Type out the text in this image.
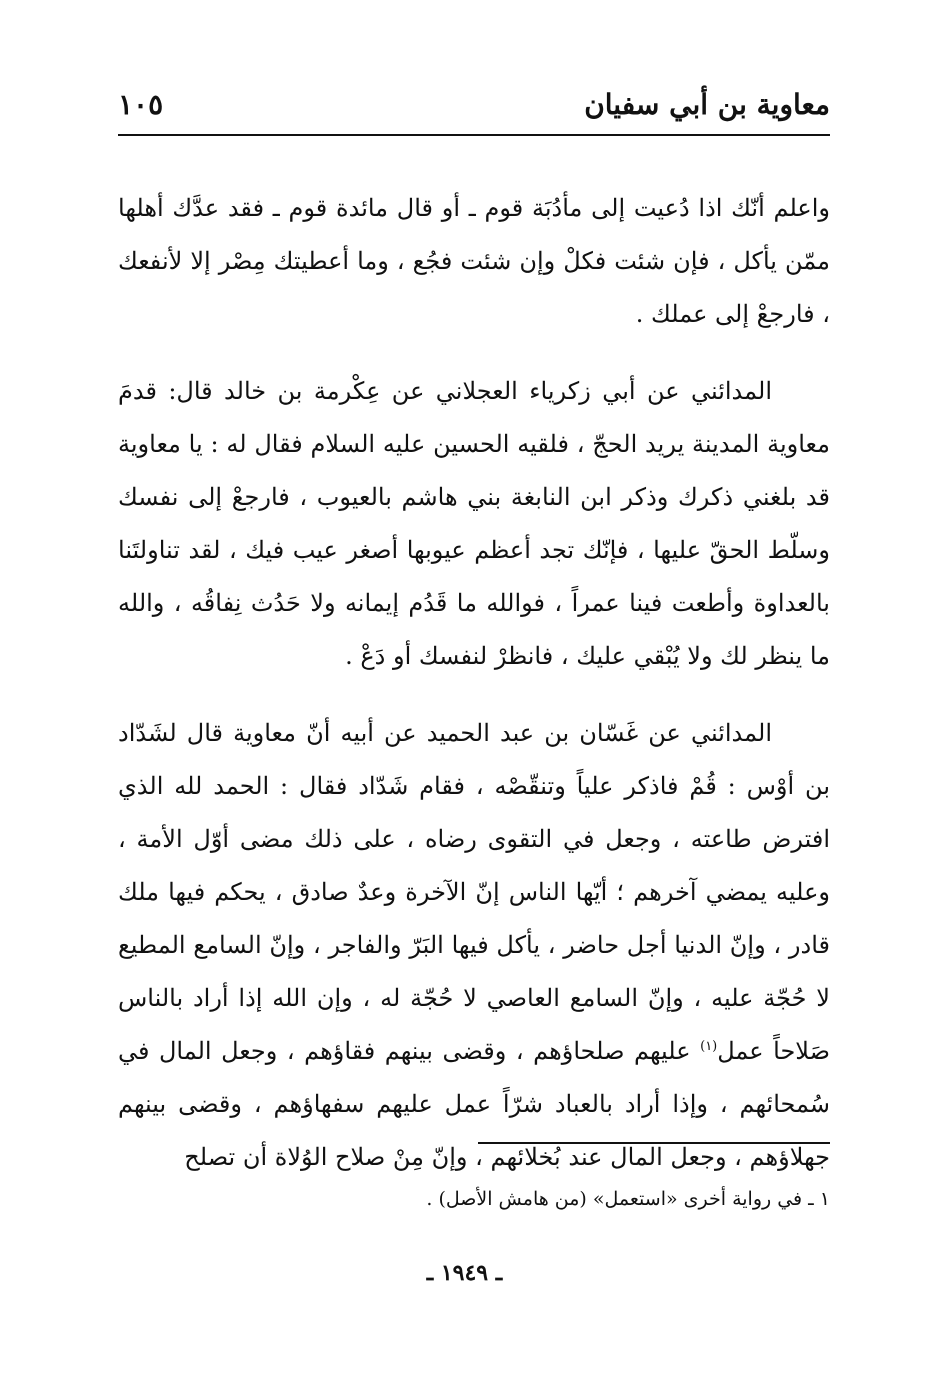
معاوية بن أبي سفيان
١٠٥

واعلم أنّك اذا دُعيت إلى مأدُبَة قوم ـ أو قال مائدة قوم ـ فقد عدَّك أهلها ممّن يأكل ، فإن شئت فكلْ وإن شئت فجُع ، وما أعطيتك مِصْر إلا لأنفعك ، فارجعْ إلى عملك .

المدائني عن أبي زكرياء العجلاني عن عِكْرمة بن خالد قال: قدمَ معاوية المدينة يريد الحجّ ، فلقيه الحسين عليه السلام فقال له : يا معاوية قد بلغني ذكرك وذكر ابن النابغة بني هاشم بالعيوب ، فارجعْ إلى نفسك وسلّط الحقّ عليها ، فإنّك تجد أعظم عيوبها أصغر عيب فيك ، لقد تناولتَنا بالعداوة وأطعت فينا عمراً ، فوالله ما قَدُم إيمانه ولا حَدُث نِفاقُه ، والله ما ينظر لك ولا يُبْقي عليك ، فانظرْ لنفسك أو دَعْ .

المدائني عن غَسّان بن عبد الحميد عن أبيه أنّ معاوية قال لشَدّاد بن أوْس : قُمْ فاذكر علياً وتنقّصْه ، فقام شَدّاد فقال : الحمد لله الذي افترض طاعته ، وجعل في التقوى رضاه ، على ذلك مضى أوّل الأمة ، وعليه يمضي آخرهم ؛ أيّها الناس إنّ الآخرة وعدٌ صادق ، يحكم فيها ملك قادر ، وإنّ الدنيا أجل حاضر ، يأكل فيها البَرّ والفاجر ، وإنّ السامع المطيع لا حُجّة عليه ، وإنّ السامع العاصي لا حُجّة له ، وإن الله إذا أراد بالناس صَلاحاً عمل$^{(١)}$ عليهم صلحاؤهم ، وقضى بينهم فقاؤهم ، وجعل المال في سُمحائهم ، وإذا أراد بالعباد شرّاً عمل عليهم سفهاؤهم ، وقضى بينهم جهلاؤهم ، وجعل المال عند بُخلائهم ، وإنّ مِنْ صلاح الوُلاة أن تصلح

١ ـ في رواية أخرى «استعمل» (من هامش الأصل) .
ـ ١٩٤٩ ـ
